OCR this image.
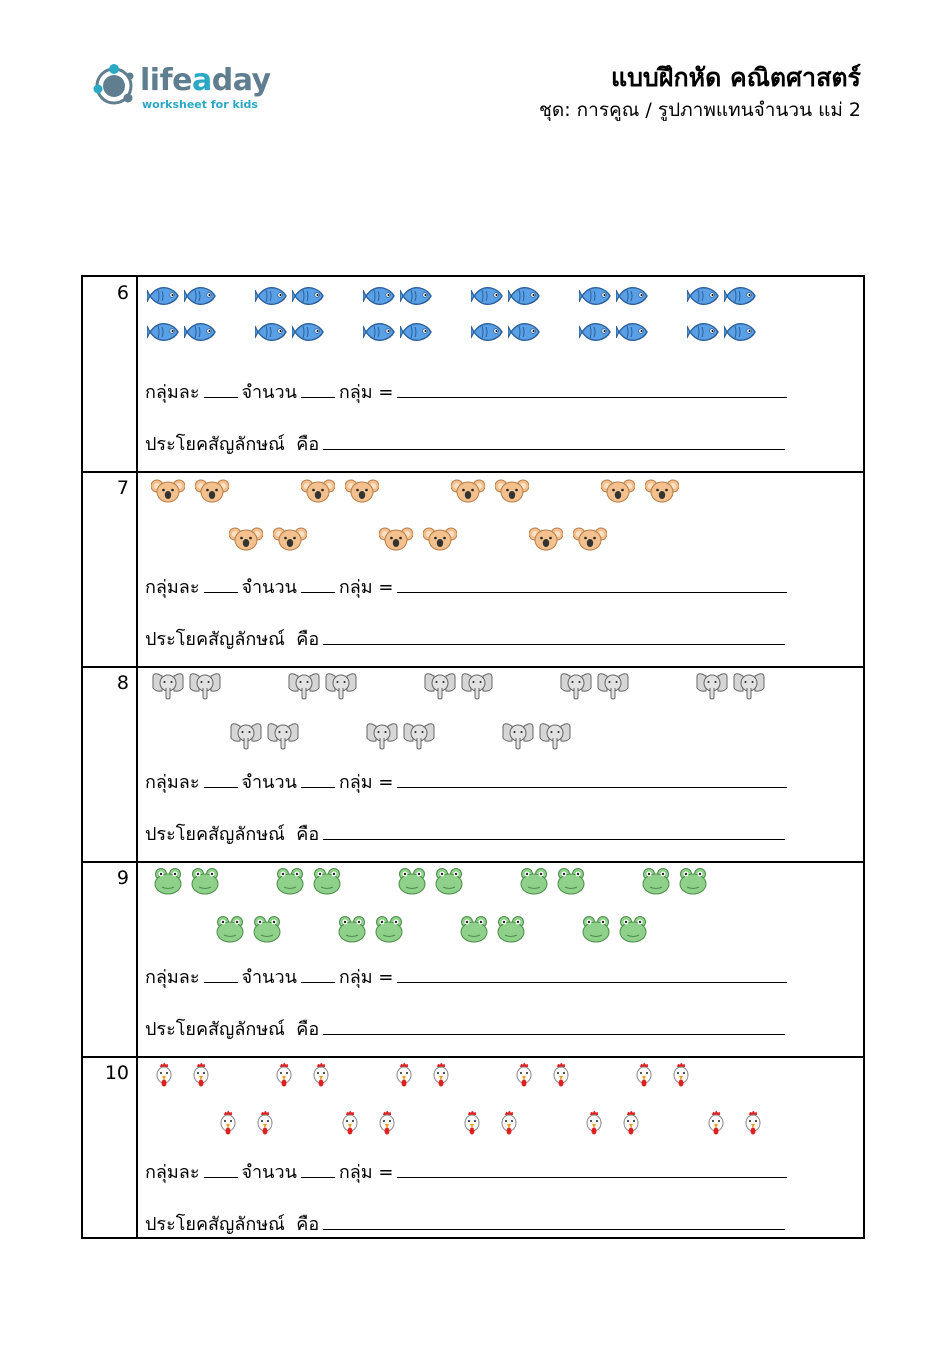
lifeaday
worksheet for kids
แบบฝึกหัด คณิตศาสตร์
ชุด: การคูณ / รูปภาพแทนจำนวน แม่ 2
6
กลุ่มละ จำนวน กลุ่ม =
ประโยคสัญลักษณ์  คือ
7
กลุ่มละ จำนวน กลุ่ม =
ประโยคสัญลักษณ์  คือ
8
กลุ่มละ จำนวน กลุ่ม =
ประโยคสัญลักษณ์  คือ
9
กลุ่มละ จำนวน กลุ่ม =
ประโยคสัญลักษณ์  คือ
10
กลุ่มละ จำนวน กลุ่ม =
ประโยคสัญลักษณ์  คือ
